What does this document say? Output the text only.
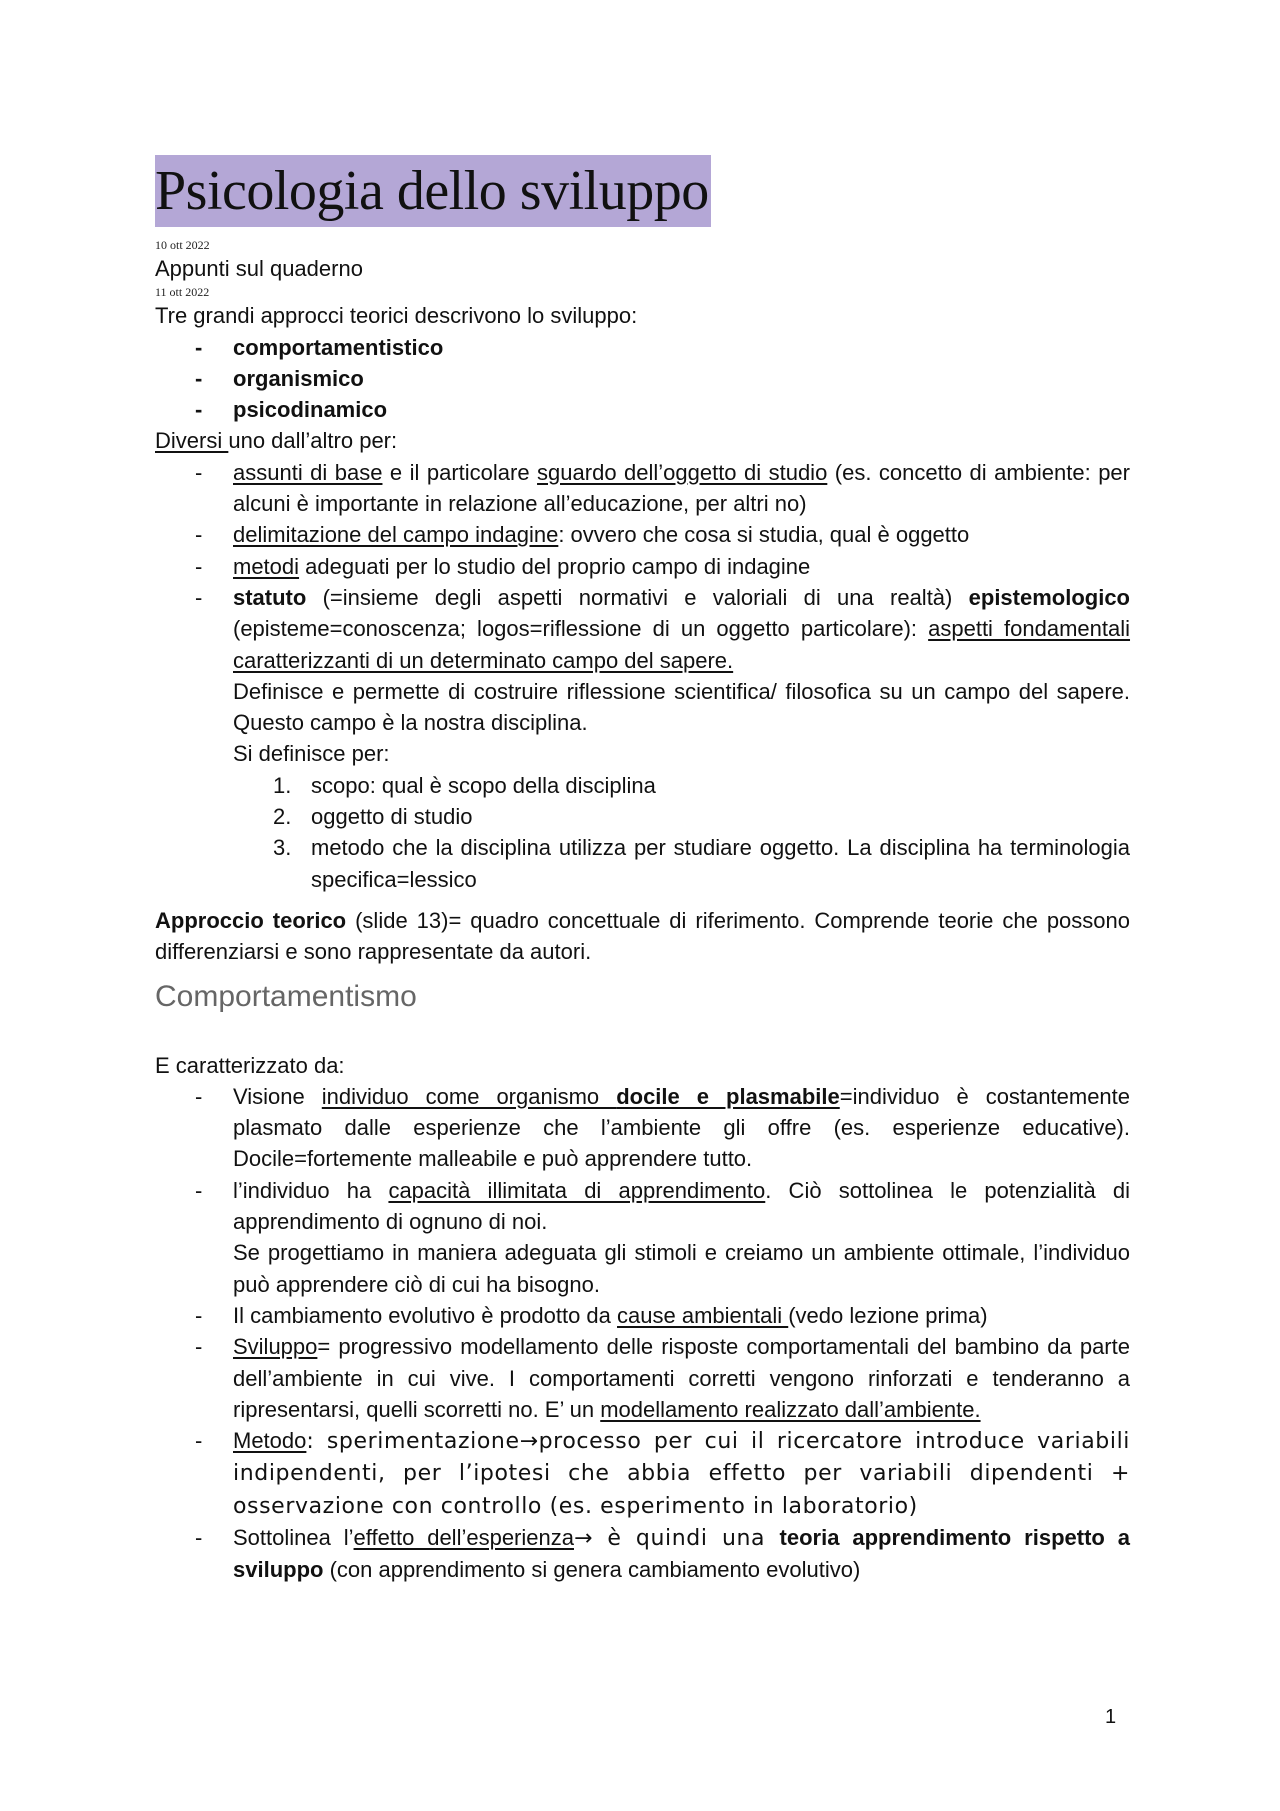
Psicologia dello sviluppo
10 ott 2022
Appunti sul quaderno
11 ott 2022
Tre grandi approcci teorici descrivono lo sviluppo:
- comportamentistico
- organismico
- psicodinamico
Diversi uno dall’altro per:
- assunti di base e il particolare sguardo dell’oggetto di studio (es. concetto di ambiente: per alcuni è importante in relazione all’educazione, per altri no)
- delimitazione del campo indagine: ovvero che cosa si studia, qual è oggetto
- metodi adeguati per lo studio del proprio campo di indagine
- statuto (=insieme degli aspetti normativi e valoriali di una realtà) epistemologico (episteme=conoscenza; logos=riflessione di un oggetto particolare): aspetti fondamentali caratterizzanti di un determinato campo del sapere.
Definisce e permette di costruire riflessione scientifica/ filosofica su un campo del sapere. Questo campo è la nostra disciplina.
Si definisce per:
1. scopo: qual è scopo della disciplina
2. oggetto di studio
3. metodo che la disciplina utilizza per studiare oggetto. La disciplina ha terminologia specifica=lessico
Approccio teorico (slide 13)= quadro concettuale di riferimento. Comprende teorie che possono differenziarsi e sono rappresentate da autori.
Comportamentismo
E caratterizzato da:
- Visione individuo come organismo docile e plasmabile=individuo è costantemente plasmato dalle esperienze che l’ambiente gli offre (es. esperienze educative). Docile=fortemente malleabile e può apprendere tutto.
- l’individuo ha capacità illimitata di apprendimento. Ciò sottolinea le potenzialità di apprendimento di ognuno di noi.
Se progettiamo in maniera adeguata gli stimoli e creiamo un ambiente ottimale, l’individuo può apprendere ciò di cui ha bisogno.
- Il cambiamento evolutivo è prodotto da cause ambientali (vedo lezione prima)
- Sviluppo= progressivo modellamento delle risposte comportamentali del bambino da parte dell’ambiente in cui vive. I comportamenti corretti vengono rinforzati e tenderanno a ripresentarsi, quelli scorretti no. E’ un modellamento realizzato dall’ambiente.
- Metodo: sperimentazione→processo per cui il ricercatore introduce variabili indipendenti, per l’ipotesi che abbia effetto per variabili dipendenti + osservazione con controllo (es. esperimento in laboratorio)
- Sottolinea l’effetto dell’esperienza→ è quindi una teoria apprendimento rispetto a sviluppo (con apprendimento si genera cambiamento evolutivo)
1
